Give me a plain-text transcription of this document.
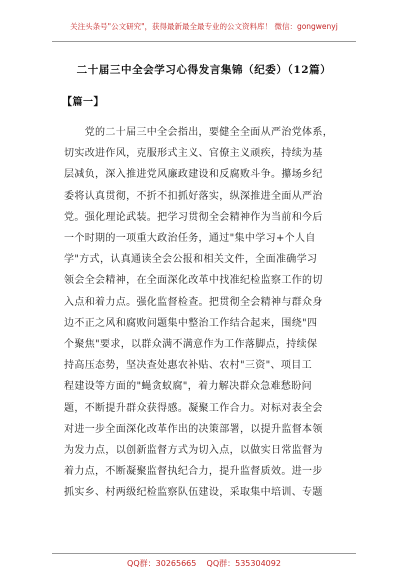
关注头条号"公文研究"，获得最新最全最专业的公文资料库！ 微信：gongwenyj
二十届三中全会学习心得发言集锦（纪委）（12篇）
【篇一】
　　党的二十届三中全会指出，要健全全面从严治党体系，
切实改进作风，克服形式主义、官僚主义顽疾，持续为基
层减负，深入推进党风廉政建设和反腐败斗争。攥场乡纪
委将认真贯彻，不折不扣抓好落实，纵深推进全面从严治
党。强化理论武装。把学习贯彻全会精神作为当前和今后
一个时期的一项重大政治任务，通过"集中学习+个人自
学"方式，认真通读全会公报和相关文件，全面准确学习
领会全会精神，在全面深化改革中找准纪检监察工作的切
入点和着力点。强化监督检查。把贯彻全会精神与群众身
边不正之风和腐败问题集中整治工作结合起来，围绕"四
个聚焦"要求，以群众满不满意作为工作落脚点，持续保
持高压态势，坚决查处惠农补贴、农村"三资"、项目工
程建设等方面的"蝇贪蚁腐"，着力解决群众急难愁盼问
题，不断提升群众获得感。凝聚工作合力。对标对表全会
对进一步全面深化改革作出的决策部署，以提升监督本领
为发力点，以创新监督方式为切入点，以做实日常监督为
着力点，不断凝聚监督执纪合力，提升监督质效。进一步
抓实乡、村两级纪检监察队伍建设，采取集中培训、专题
QQ群：30265665    QQ群：535304092
